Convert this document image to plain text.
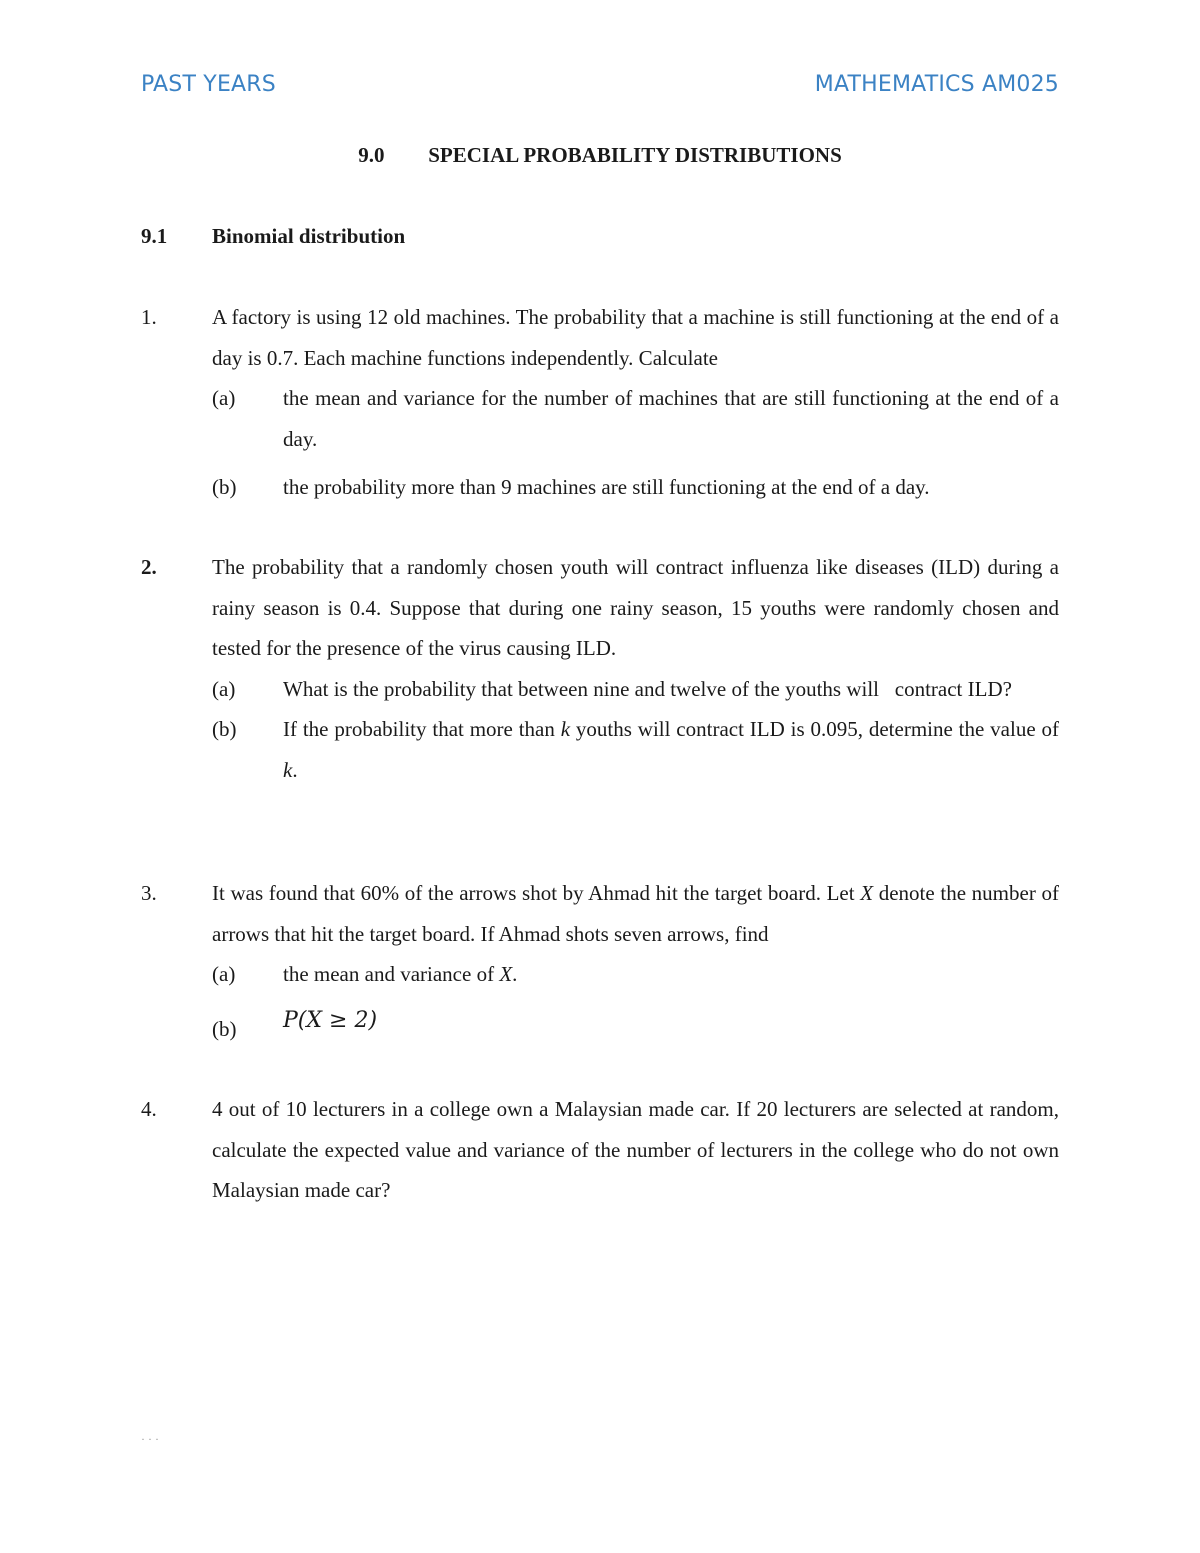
PAST YEARS	MATHEMATICS AM025
9.0 SPECIAL PROBABILITY DISTRIBUTIONS
9.1 Binomial distribution
1.	A factory is using 12 old machines. The probability that a machine is still functioning at the end of a day is 0.7. Each machine functions independently. Calculate
(a) the mean and variance for the number of machines that are still functioning at the end of a day.
(b) the probability more than 9 machines are still functioning at the end of a day.
2.	The probability that a randomly chosen youth will contract influenza like diseases (ILD) during a rainy season is 0.4. Suppose that during one rainy season, 15 youths were randomly chosen and tested for the presence of the virus causing ILD.
(a) What is the probability that between nine and twelve of the youths will   contract ILD?
(b) If the probability that more than k youths will contract ILD is 0.095, determine the value of k.
3.	It was found that 60% of the arrows shot by Ahmad hit the target board. Let X denote the number of arrows that hit the target board. If Ahmad shots seven arrows, find
(a) the mean and variance of X.
(b) P(X ≥ 2)
4.	4 out of 10 lecturers in a college own a Malaysian made car. If 20 lecturers are selected at random, calculate the expected value and variance of the number of lecturers in the college who do not own Malaysian made car?
· · ·
